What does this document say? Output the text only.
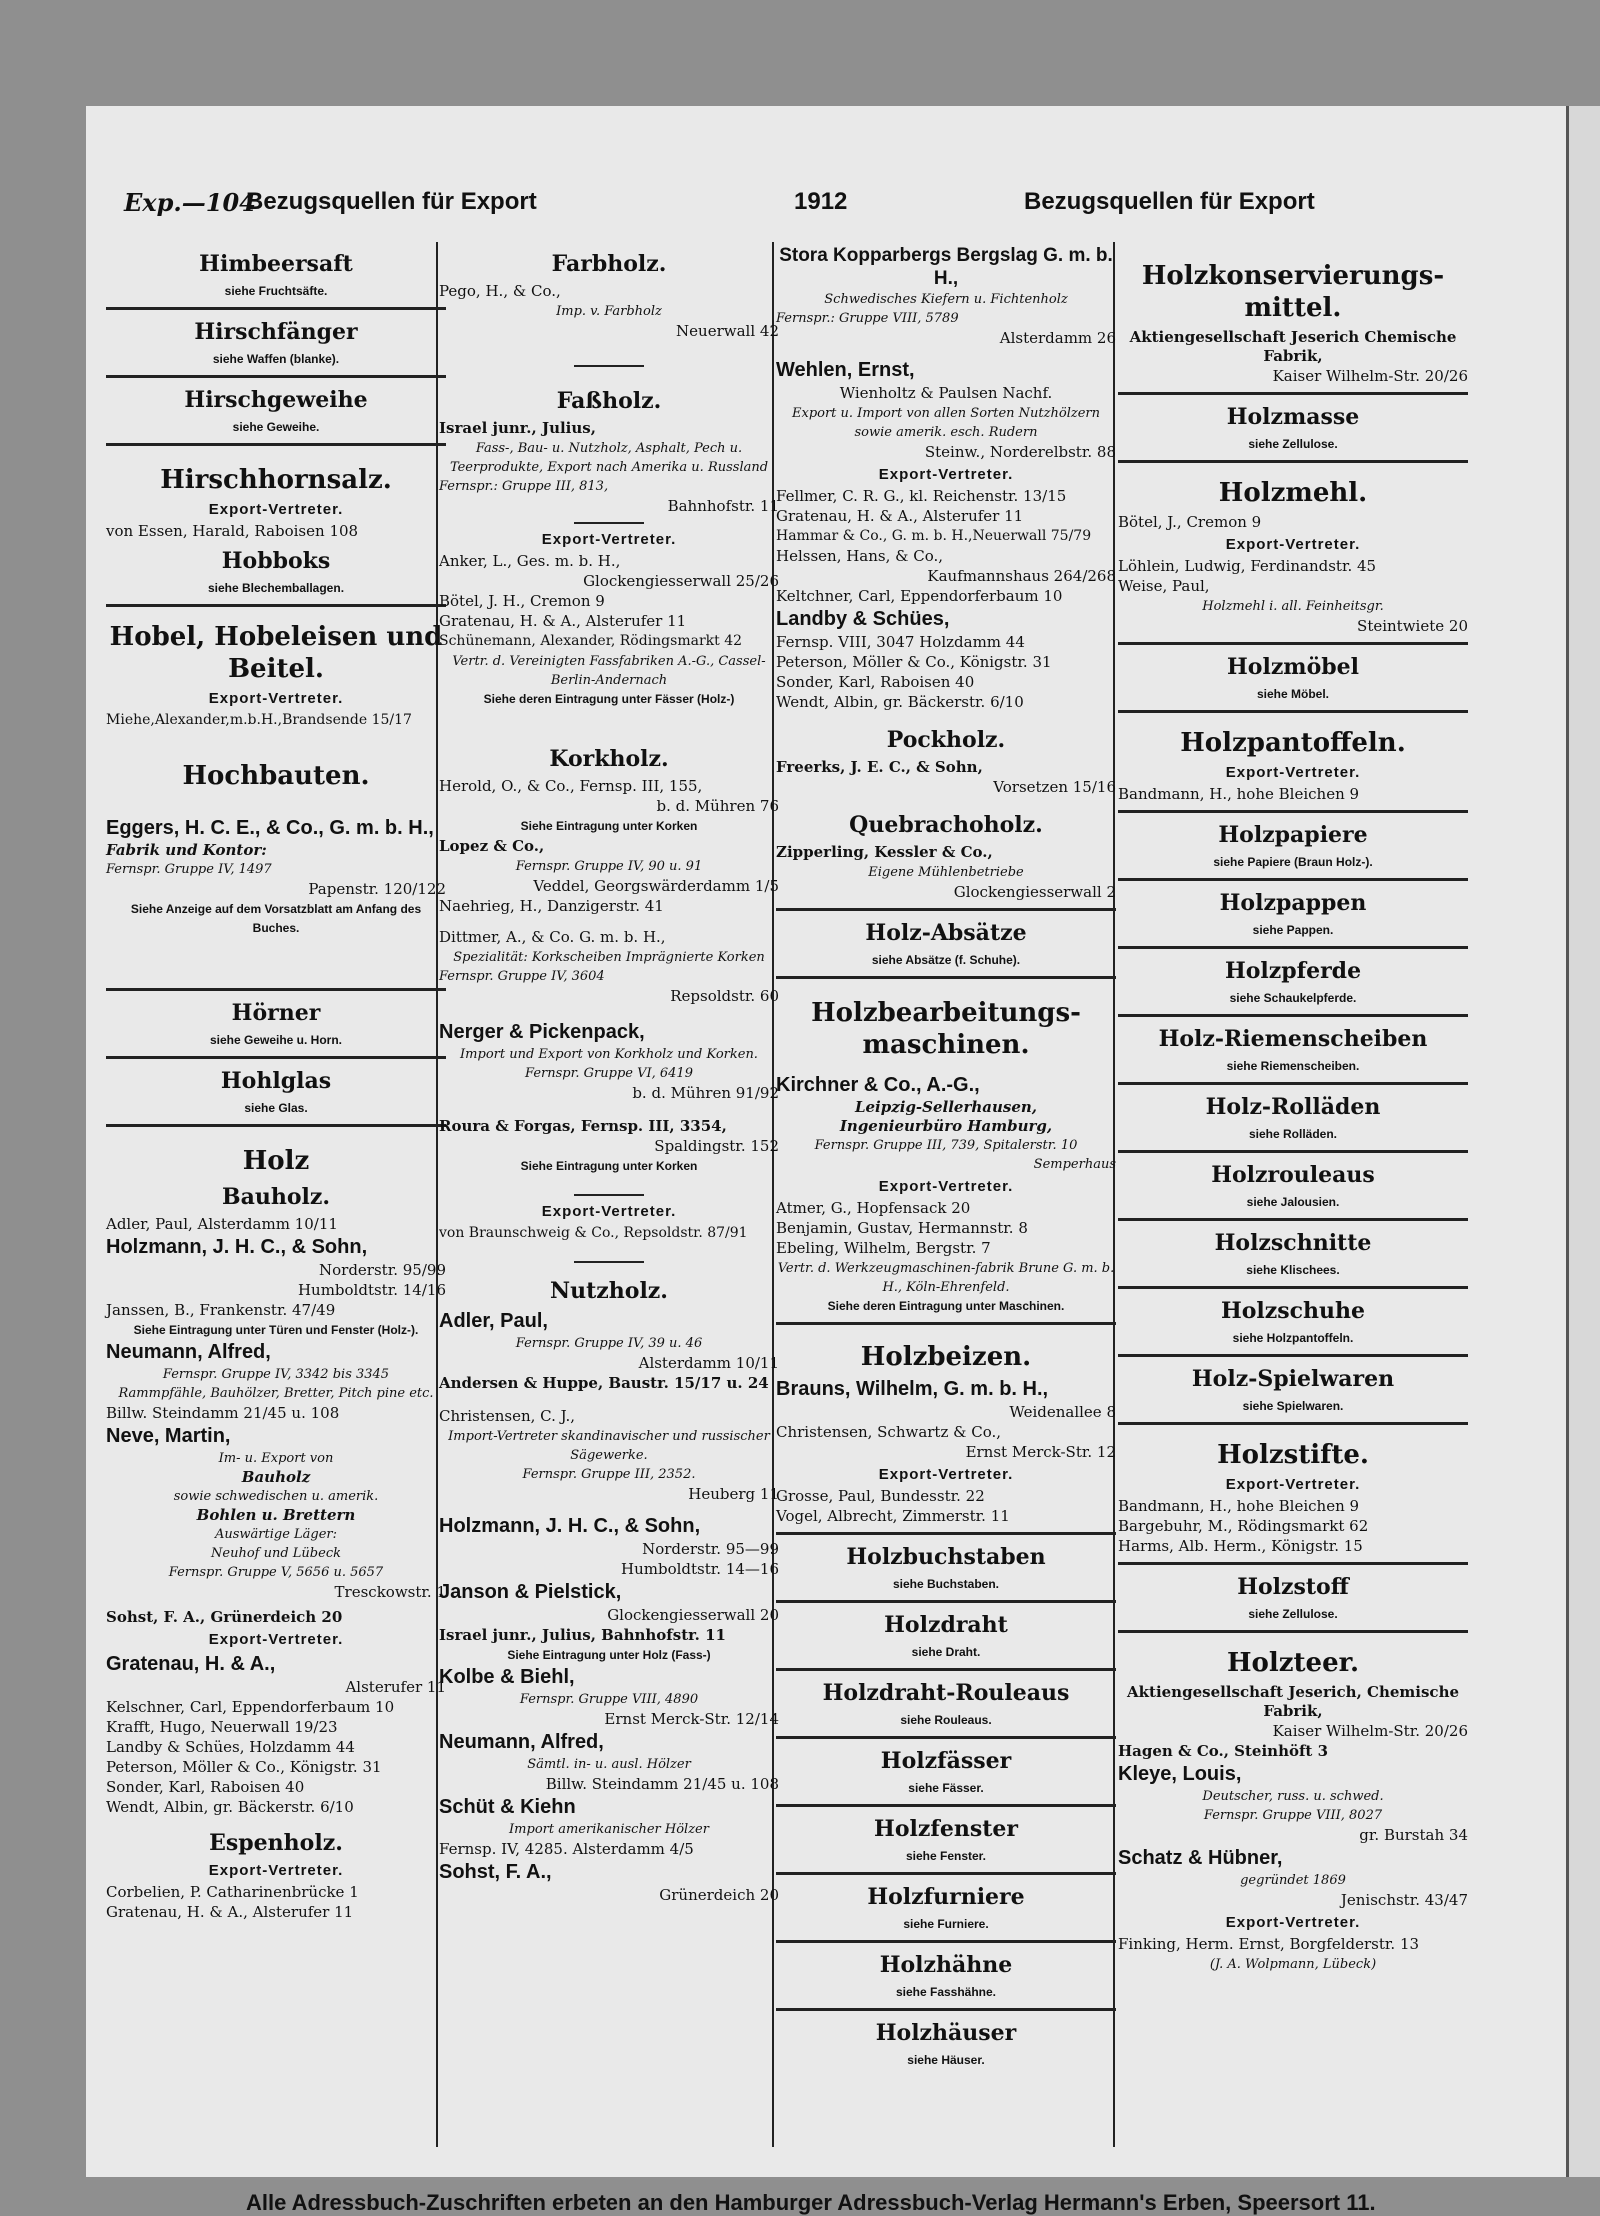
Exp.—104
Bezugsquellen für Export	1912	Bezugsquellen für Export
Himbeersaft
siehe Fruchtsäfte.
Hirschfänger
siehe Waffen (blanke).
Hirschgeweihe
siehe Geweihe.
Hirschhornsalz.
Export-Vertreter.
von Essen, Harald, Raboisen 108
Hobboks
siehe Blechemballagen.
Hobel, Hobeleisen und Beitel.
Export-Vertreter.
Miehe,Alexander,m.b.H.,Brandsende 15/17
Hochbauten.
Eggers, H. C. E., & Co., G. m. b. H.,
Fabrik und Kontor:
Fernspr. Gruppe IV, 1497
Papenstr. 120/122
Siehe Anzeige auf dem Vorsatzblatt am Anfang des Buches.
Hörner
siehe Geweihe u. Horn.
Hohlglas
siehe Glas.
Holz
Bauholz.
Adler, Paul, Alsterdamm 10/11
Holzmann, J. H. C., & Sohn,
Norderstr. 95/99
Humboldtstr. 14/16
Janssen, B., Frankenstr. 47/49
Siehe Eintragung unter Türen und Fenster (Holz-).
Neumann, Alfred,
Fernspr. Gruppe IV, 3342 bis 3345
Rammpfähle, Bauhölzer, Bretter, Pitch pine etc.
Billw. Steindamm 21/45 u. 108
Neve, Martin,
Im- u. Export von
Bauholz
sowie schwedischen u. amerik.
Bohlen u. Brettern
Auswärtige Läger:
Neuhof und Lübeck
Fernspr. Gruppe V, 5656 u. 5657
Tresckowstr. 1
Sohst, F. A., Grünerdeich 20
Export-Vertreter.
Gratenau, H. & A.,
Alsterufer 11
Kelschner, Carl, Eppendorferbaum 10
Krafft, Hugo, Neuerwall 19/23
Landby & Schües, Holzdamm 44
Peterson, Möller & Co., Königstr. 31
Sonder, Karl, Raboisen 40
Wendt, Albin, gr. Bäckerstr. 6/10
Espenholz.
Export-Vertreter.
Corbelien, P. Catharinenbrücke 1
Gratenau, H. & A., Alsterufer 11
Farbholz.
Pego, H., & Co.,
Imp. v. Farbholz
Neuerwall 42
Faßholz.
Israel junr., Julius,
Fass-, Bau- u. Nutzholz, Asphalt, Pech u. Teerprodukte, Export nach Amerika u. Russland
Fernspr.: Gruppe III, 813,
Bahnhofstr. 11
Export-Vertreter.
Anker, L., Ges. m. b. H.,
Glockengiesserwall 25/26
Bötel, J. H., Cremon 9
Gratenau, H. & A., Alsterufer 11
Schünemann, Alexander, Rödingsmarkt 42
Vertr. d. Vereinigten Fassfabriken A.-G., Cassel-Berlin-Andernach
Siehe deren Eintragung unter Fässer (Holz-)
Korkholz.
Herold, O., & Co., Fernsp. III, 155,
b. d. Mühren 76
Siehe Eintragung unter Korken
Lopez & Co.,
Fernspr. Gruppe IV, 90 u. 91
Veddel, Georgswärderdamm 1/5
Naehrieg, H., Danzigerstr. 41
Dittmer, A., & Co. G. m. b. H.,
Spezialität: Korkscheiben Imprägnierte Korken
Fernspr. Gruppe IV, 3604
Repsoldstr. 60
Nerger & Pickenpack,
Import und Export von Korkholz und Korken.
Fernspr. Gruppe VI, 6419
b. d. Mühren 91/92
Roura & Forgas, Fernsp. III, 3354,
Spaldingstr. 152
Siehe Eintragung unter Korken
Export-Vertreter.
von Braunschweig & Co., Repsoldstr. 87/91
Nutzholz.
Adler, Paul,
Fernspr. Gruppe IV, 39 u. 46
Alsterdamm 10/11
Andersen & Huppe, Baustr. 15/17 u. 24
Christensen, C. J.,
Import-Vertreter skandinavischer und russischer Sägewerke.
Fernspr. Gruppe III, 2352.
Heuberg 11
Holzmann, J. H. C., & Sohn,
Norderstr. 95—99
Humboldtstr. 14—16
Janson & Pielstick,
Glockengiesserwall 20
Israel junr., Julius, Bahnhofstr. 11
Siehe Eintragung unter Holz (Fass-)
Kolbe & Biehl,
Fernspr. Gruppe VIII, 4890
Ernst Merck-Str. 12/14
Neumann, Alfred,
Sämtl. in- u. ausl. Hölzer
Billw. Steindamm 21/45 u. 108
Schüt & Kiehn
Import amerikanischer Hölzer
Fernsp. IV, 4285. Alsterdamm 4/5
Sohst, F. A.,
Grünerdeich 20
Stora Kopparbergs Bergslag G. m. b. H.,
Schwedisches Kiefern u. Fichtenholz
Fernspr.: Gruppe VIII, 5789
Alsterdamm 26
Wehlen, Ernst,
Wienholtz & Paulsen Nachf.
Export u. Import von allen Sorten Nutzhölzern sowie amerik. esch. Rudern
Steinw., Norderelbstr. 88
Export-Vertreter.
Fellmer, C. R. G., kl. Reichenstr. 13/15
Gratenau, H. & A., Alsterufer 11
Hammar & Co., G. m. b. H.,Neuerwall 75/79
Helssen, Hans, & Co.,
Kaufmannshaus 264/268
Keltchner, Carl, Eppendorferbaum 10
Landby & Schües,
Fernsp. VIII, 3047 Holzdamm 44
Peterson, Möller & Co., Königstr. 31
Sonder, Karl, Raboisen 40
Wendt, Albin, gr. Bäckerstr. 6/10
Pockholz.
Freerks, J. E. C., & Sohn,
Vorsetzen 15/16
Quebrachoholz.
Zipperling, Kessler & Co.,
Eigene Mühlenbetriebe
Glockengiesserwall 2
Holz-Absätze
siehe Absätze (f. Schuhe).
Holzbearbeitungs-maschinen.
Kirchner & Co., A.-G.,
Leipzig-Sellerhausen,
Ingenieurbüro Hamburg,
Fernspr. Gruppe III, 739, Spitalerstr. 10
Semperhaus
Export-Vertreter.
Atmer, G., Hopfensack 20
Benjamin, Gustav, Hermannstr. 8
Ebeling, Wilhelm, Bergstr. 7
Vertr. d. Werkzeugmaschinen-fabrik Brune G. m. b. H., Köln-Ehrenfeld.
Siehe deren Eintragung unter Maschinen.
Holzbeizen.
Brauns, Wilhelm, G. m. b. H.,
Weidenallee 8
Christensen, Schwartz & Co.,
Ernst Merck-Str. 12
Export-Vertreter.
Grosse, Paul, Bundesstr. 22
Vogel, Albrecht, Zimmerstr. 11
Holzbuchstaben
siehe Buchstaben.
Holzdraht
siehe Draht.
Holzdraht-Rouleaus
siehe Rouleaus.
Holzfässer
siehe Fässer.
Holzfenster
siehe Fenster.
Holzfurniere
siehe Furniere.
Holzhähne
siehe Fasshähne.
Holzhäuser
siehe Häuser.
Holzkonservierungs-mittel.
Aktiengesellschaft Jeserich Chemische Fabrik,
Kaiser Wilhelm-Str. 20/26
Holzmasse
siehe Zellulose.
Holzmehl.
Bötel, J., Cremon 9
Export-Vertreter.
Löhlein, Ludwig, Ferdinandstr. 45
Weise, Paul,
Holzmehl i. all. Feinheitsgr.
Steintwiete 20
Holzmöbel
siehe Möbel.
Holzpantoffeln.
Export-Vertreter.
Bandmann, H., hohe Bleichen 9
Holzpapiere
siehe Papiere (Braun Holz-).
Holzpappen
siehe Pappen.
Holzpferde
siehe Schaukelpferde.
Holz-Riemenscheiben
siehe Riemenscheiben.
Holz-Rolläden
siehe Rolläden.
Holzrouleaus
siehe Jalousien.
Holzschnitte
siehe Klischees.
Holzschuhe
siehe Holzpantoffeln.
Holz-Spielwaren
siehe Spielwaren.
Holzstifte.
Export-Vertreter.
Bandmann, H., hohe Bleichen 9
Bargebuhr, M., Rödingsmarkt 62
Harms, Alb. Herm., Königstr. 15
Holzstoff
siehe Zellulose.
Holzteer.
Aktiengesellschaft Jeserich, Chemische Fabrik,
Kaiser Wilhelm-Str. 20/26
Hagen & Co., Steinhöft 3
Kleye, Louis,
Deutscher, russ. u. schwed.
Fernspr. Gruppe VIII, 8027
gr. Burstah 34
Schatz & Hübner,
gegründet 1869
Jenischstr. 43/47
Export-Vertreter.
Finking, Herm. Ernst, Borgfelderstr. 13
(J. A. Wolpmann, Lübeck)
Alle Adressbuch-Zuschriften erbeten an den Hamburger Adressbuch-Verlag Hermann's Erben, Speersort 11.
